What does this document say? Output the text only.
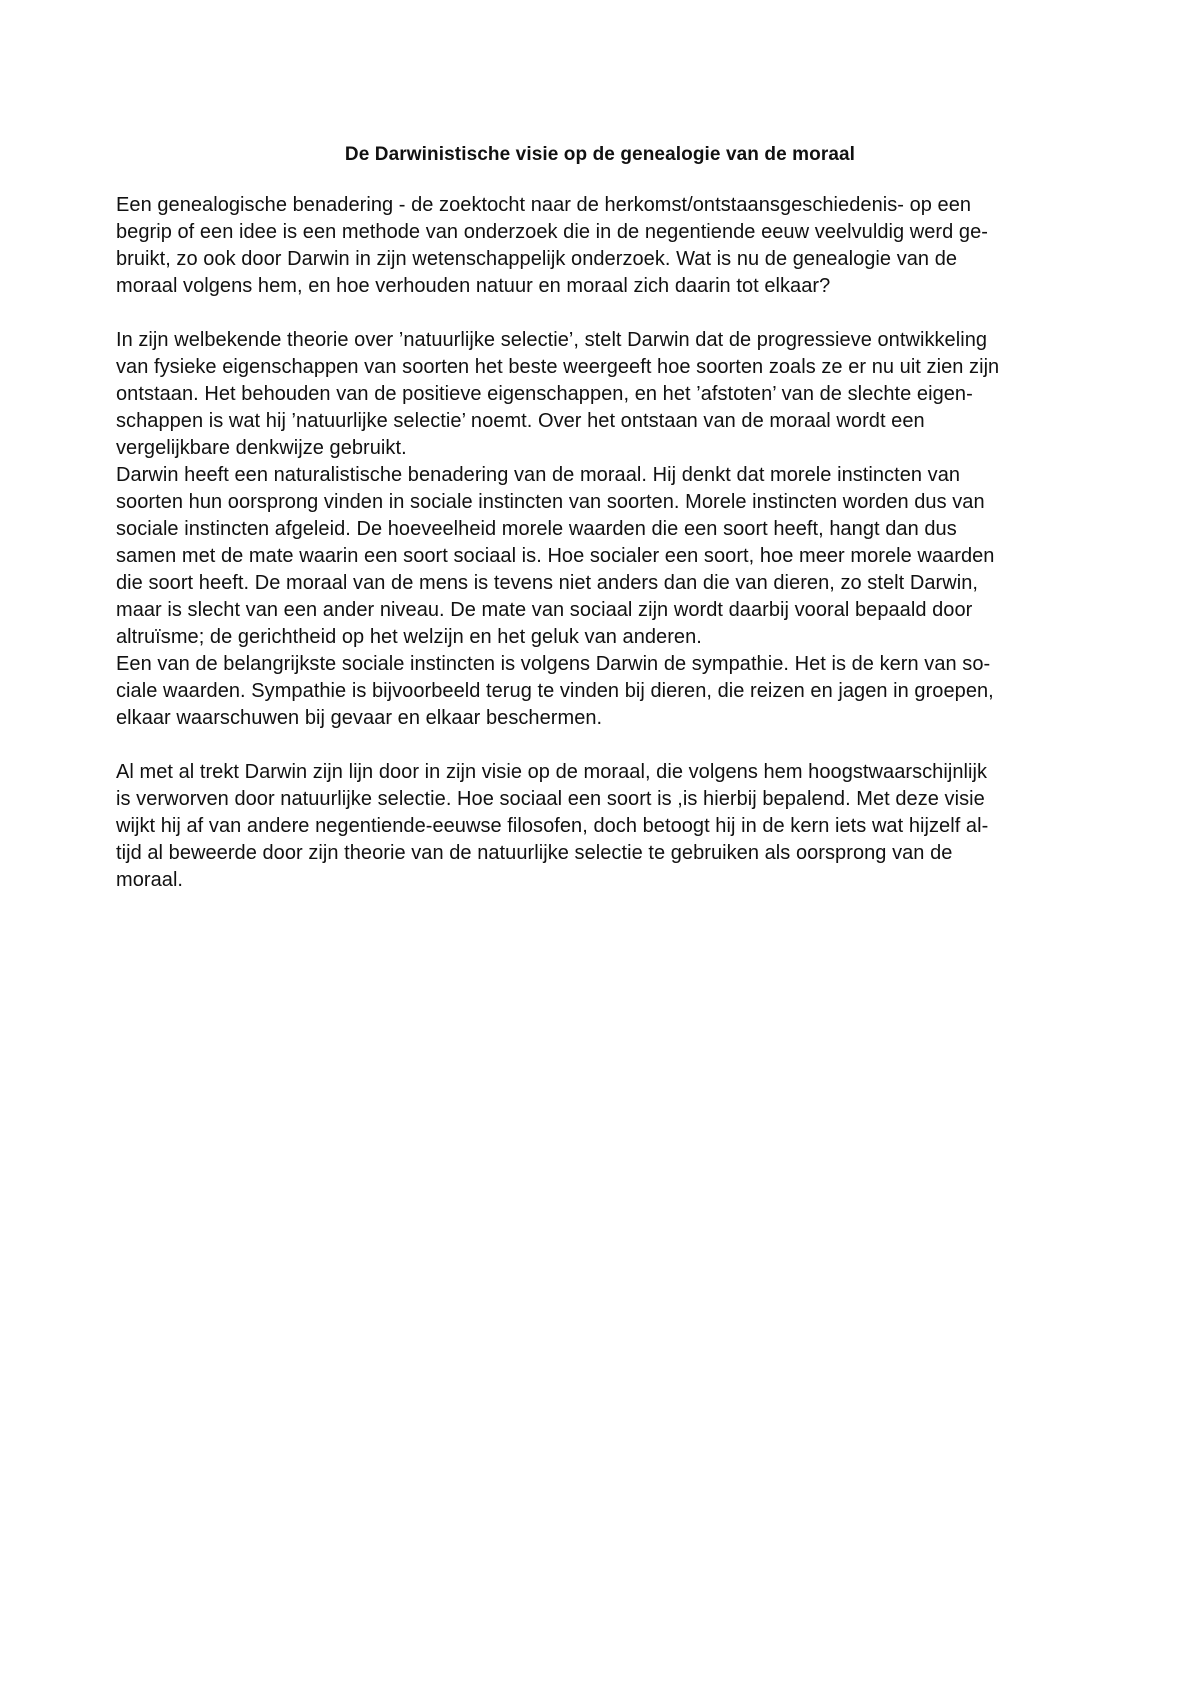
De Darwinistische visie op de genealogie van de moraal
Een genealogische benadering - de zoektocht naar de herkomst/ontstaansgeschiedenis- op een
begrip of een idee is een methode van onderzoek die in de negentiende eeuw veelvuldig werd ge-
bruikt, zo ook door Darwin in zijn wetenschappelijk onderzoek. Wat is nu de genealogie van de
moraal volgens hem, en hoe verhouden natuur en moraal zich daarin tot elkaar?
In zijn welbekende theorie over ’natuurlijke selectie’, stelt Darwin dat de progressieve ontwikkeling
van fysieke eigenschappen van soorten het beste weergeeft hoe soorten zoals ze er nu uit zien zijn
ontstaan. Het behouden van de positieve eigenschappen, en het ’afstoten’ van de slechte eigen-
schappen is wat hij ’natuurlijke selectie’ noemt. Over het ontstaan van de moraal wordt een
vergelijkbare denkwijze gebruikt.
Darwin heeft een naturalistische benadering van de moraal. Hij denkt dat morele instincten van
soorten hun oorsprong vinden in sociale instincten van soorten. Morele instincten worden dus van
sociale instincten afgeleid. De hoeveelheid morele waarden die een soort heeft, hangt dan dus
samen met de mate waarin een soort sociaal is. Hoe socialer een soort, hoe meer morele waarden
die soort heeft. De moraal van de mens is tevens niet anders dan die van dieren, zo stelt Darwin,
maar is slecht van een ander niveau. De mate van sociaal zijn wordt daarbij vooral bepaald door
altruïsme; de gerichtheid op het welzijn en het geluk van anderen.
Een van de belangrijkste sociale instincten is volgens Darwin de sympathie. Het is de kern van so-
ciale waarden. Sympathie is bijvoorbeeld terug te vinden bij dieren, die reizen en jagen in groepen,
elkaar waarschuwen bij gevaar en elkaar beschermen.
Al met al trekt Darwin zijn lijn door in zijn visie op de moraal, die volgens hem hoogstwaarschijnlijk
is verworven door natuurlijke selectie. Hoe sociaal een soort is ,is hierbij bepalend. Met deze visie
wijkt hij af van andere negentiende-eeuwse filosofen, doch betoogt hij in de kern iets wat hijzelf al-
tijd al beweerde door zijn theorie van de natuurlijke selectie te gebruiken als oorsprong van de
moraal.
